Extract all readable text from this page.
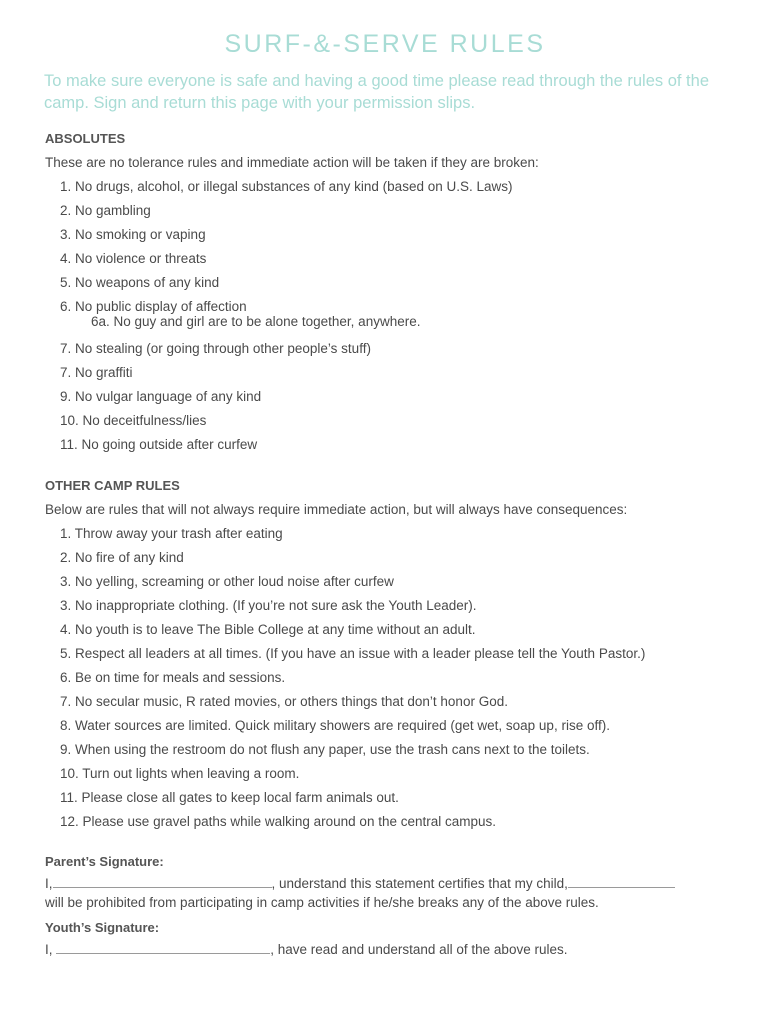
SURF-&-SERVE RULES

To make sure everyone is safe and having a good time please read through the rules of the camp. Sign and return this page with your permission slips.

ABSOLUTES
These are no tolerance rules and immediate action will be taken if they are broken:
1. No drugs, alcohol, or illegal substances of any kind (based on U.S. Laws)
2. No gambling
3. No smoking or vaping
4. No violence or threats
5. No weapons of any kind
6. No public display of affection
6a. No guy and girl are to be alone together, anywhere.
7. No stealing (or going through other people’s stuff)
7. No graffiti
9. No vulgar language of any kind
10. No deceitfulness/lies
11. No going outside after curfew
OTHER CAMP RULES
Below are rules that will not always require immediate action, but will always have consequences:
1. Throw away your trash after eating
2. No fire of any kind
3. No yelling, screaming or other loud noise after curfew
3. No inappropriate clothing. (If you’re not sure ask the Youth Leader).
4. No youth is to leave The Bible College at any time without an adult.
5. Respect all leaders at all times. (If you have an issue with a leader please tell the Youth Pastor.)
6. Be on time for meals and sessions.
7. No secular music, R rated movies, or others things that don’t honor God.
8. Water sources are limited. Quick military showers are required (get wet, soap up, rise off).
9. When using the restroom do not flush any paper, use the trash cans next to the toilets.
10. Turn out lights when leaving a room.
11. Please close all gates to keep local farm animals out.
12. Please use gravel paths while walking around on the central campus.
Parent’s Signature:
I,	, understand this statement certifies that my child,
will be prohibited from participating in camp activities if he/she breaks any of the above rules.
Youth’s Signature:
I,	, have read and understand all of the above rules.
